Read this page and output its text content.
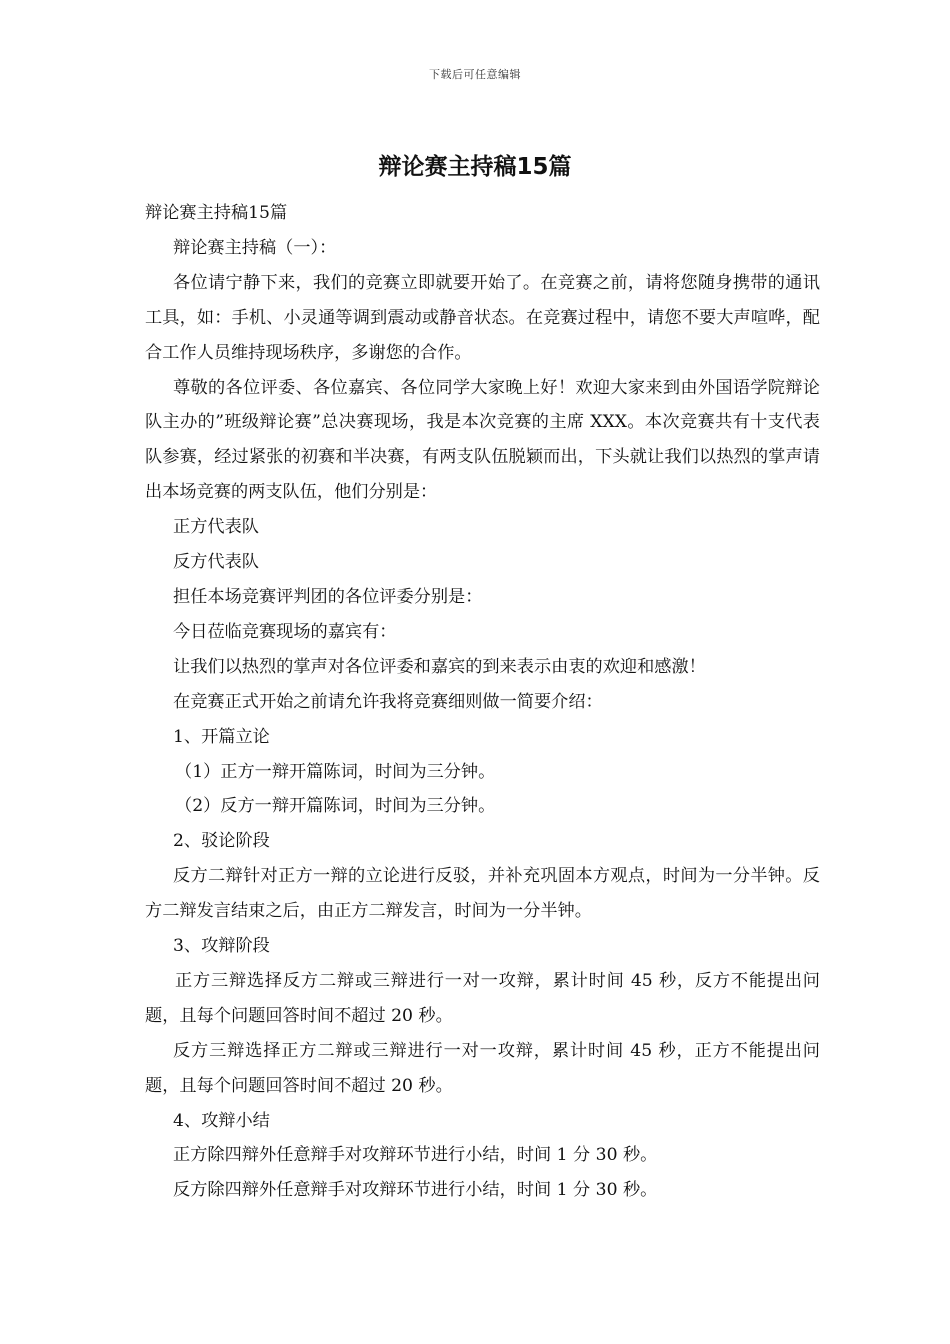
下载后可任意编辑
辩论赛主持稿15篇

辩论赛主持稿15篇

辩论赛主持稿（一）：

各位请宁静下来，我们的竞赛立即就要开始了。在竞赛之前，请将您随身携带的通讯工具，如：手机、小灵通等调到震动或静音状态。在竞赛过程中，请您不要大声喧哗，配合工作人员维持现场秩序，多谢您的合作。

尊敬的各位评委、各位嘉宾、各位同学大家晚上好！欢迎大家来到由外国语学院辩论队主办的”班级辩论赛”总决赛现场，我是本次竞赛的主席 XXX。本次竞赛共有十支代表队参赛，经过紧张的初赛和半决赛，有两支队伍脱颖而出，下头就让我们以热烈的掌声请出本场竞赛的两支队伍，他们分别是：

正方代表队

反方代表队

担任本场竞赛评判团的各位评委分别是：

今日莅临竞赛现场的嘉宾有：

让我们以热烈的掌声对各位评委和嘉宾的到来表示由衷的欢迎和感激！

在竞赛正式开始之前请允许我将竞赛细则做一简要介绍：

1、开篇立论

（1）正方一辩开篇陈词，时间为三分钟。

（2）反方一辩开篇陈词，时间为三分钟。

2、驳论阶段

反方二辩针对正方一辩的立论进行反驳，并补充巩固本方观点，时间为一分半钟。反方二辩发言结束之后，由正方二辩发言，时间为一分半钟。

3、攻辩阶段

正方三辩选择反方二辩或三辩进行一对一攻辩，累计时间 45 秒，反方不能提出问题，且每个问题回答时间不超过 20 秒。

反方三辩选择正方二辩或三辩进行一对一攻辩，累计时间 45 秒，正方不能提出问题，且每个问题回答时间不超过 20 秒。

4、攻辩小结

正方除四辩外任意辩手对攻辩环节进行小结，时间 1 分 30 秒。

反方除四辩外任意辩手对攻辩环节进行小结，时间 1 分 30 秒。
